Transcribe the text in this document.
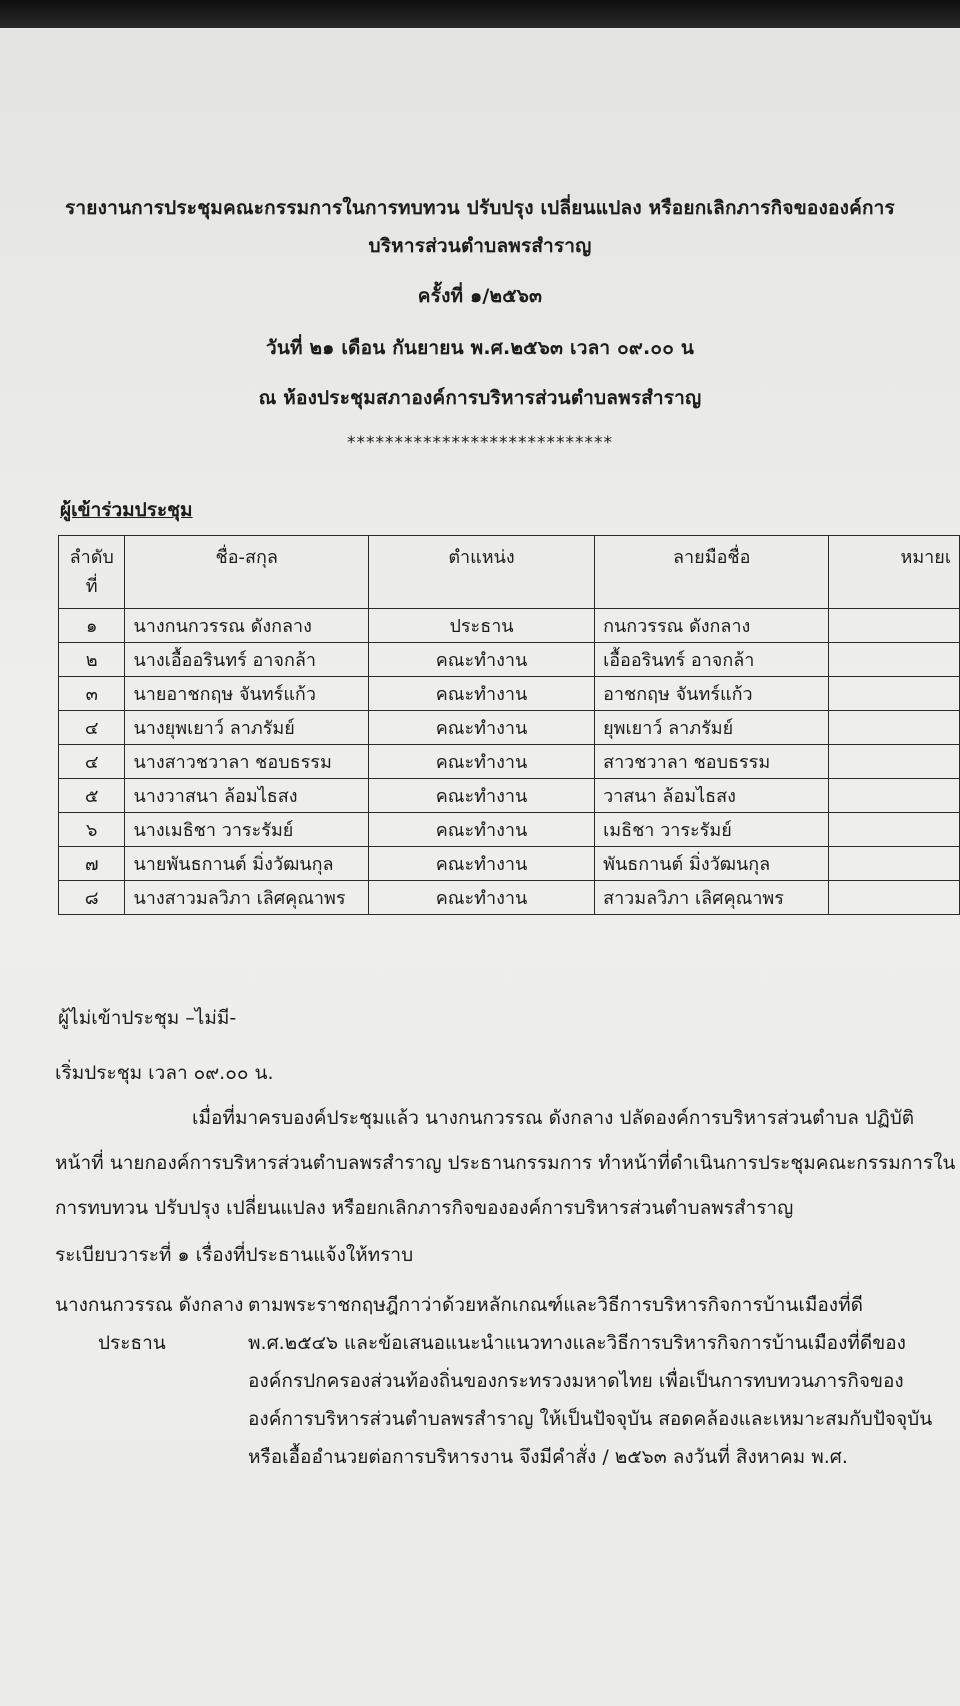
รายงานการประชุมคณะกรรมการในการทบทวน ปรับปรุง เปลี่ยนแปลง หรือยกเลิกภารกิจขององค์การ
บริหารส่วนตำบลพรสำราญ
ครั้งที่ ๑/๒๕๖๓
วันที่ ๒๑ เดือน กันยายน พ.ศ.๒๕๖๓ เวลา ๐๙.๐๐ น
ณ ห้องประชุมสภาองค์การบริหารส่วนตำบลพรสำราญ
****************************
ผู้เข้าร่วมประชุม
ลำดับ
ที่	ชื่อ-สกุล	ตำแหน่ง	ลายมือชื่อ	หมายเ
๑	นางกนกวรรณ ดังกลาง	ประธาน	กนกวรรณ ดังกลาง	
๒	นางเอื้ออรินทร์ อาจกล้า	คณะทำงาน	เอื้ออรินทร์ อาจกล้า	
๓	นายอาชกฤษ จันทร์แก้ว	คณะทำงาน	อาชกฤษ จันทร์แก้ว	
๔	นางยุพเยาว์ ลาภรัมย์	คณะทำงาน	ยุพเยาว์ ลาภรัมย์	
๔	นางสาวชวาลา ชอบธรรม	คณะทำงาน	สาวชวาลา ชอบธรรม	
๕	นางวาสนา ล้อมไธสง	คณะทำงาน	วาสนา ล้อมไธสง	
๖	นางเมธิชา วาระรัมย์	คณะทำงาน	เมธิชา วาระรัมย์	
๗	นายพันธกานต์ มิ่งวัฒนกุล	คณะทำงาน	พันธกานต์ มิ่งวัฒนกุล	
๘	นางสาวมลวิภา เลิศคุณาพร	คณะทำงาน	สาวมลวิภา เลิศคุณาพร	
ผู้ไม่เข้าประชุม –ไม่มี-
เริ่มประชุม เวลา ๐๙.๐๐ น.
เมื่อที่มาครบองค์ประชุมแล้ว นางกนกวรรณ ดังกลาง ปลัดองค์การบริหารส่วนตำบล ปฏิบัติ
หน้าที่ นายกองค์การบริหารส่วนตำบลพรสำราญ ประธานกรรมการ ทำหน้าที่ดำเนินการประชุมคณะกรรมการใน
การทบทวน ปรับปรุง เปลี่ยนแปลง หรือยกเลิกภารกิจขององค์การบริหารส่วนตำบลพรสำราญ
ระเบียบวาระที่ ๑ เรื่องที่ประธานแจ้งให้ทราบ
นางกนกวรรณ ดังกลาง
ประธาน
ตามพระราชกฤษฎีกาว่าด้วยหลักเกณฑ์และวิธีการบริหารกิจการบ้านเมืองที่ดี
พ.ศ.๒๕๔๖ และข้อเสนอแนะนำแนวทางและวิธีการบริหารกิจการบ้านเมืองที่ดีของ
องค์กรปกครองส่วนท้องถิ่นของกระทรวงมหาดไทย เพื่อเป็นการทบทวนภารกิจของ
องค์การบริหารส่วนตำบลพรสำราญ ให้เป็นปัจจุบัน สอดคล้องและเหมาะสมกับปัจจุบัน
หรือเอื้ออำนวยต่อการบริหารงาน จึงมีคำสั่ง / ๒๕๖๓ ลงวันที่ สิงหาคม พ.ศ.
